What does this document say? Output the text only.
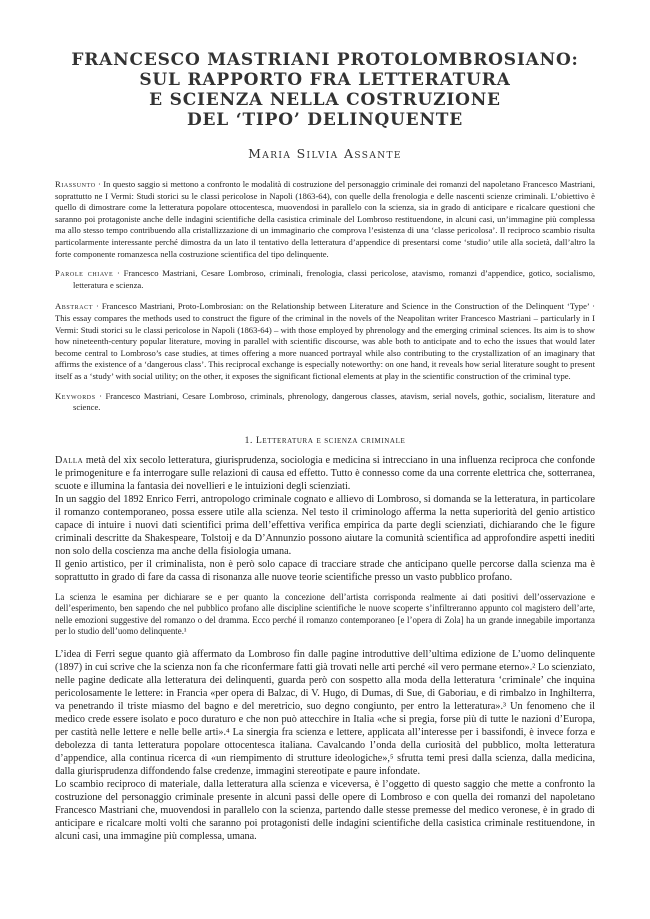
FRANCESCO MASTRIANI PROTOLOMBROSIANO:
SUL RAPPORTO FRA LETTERATURA
E SCIENZA NELLA COSTRUZIONE
DEL ‘TIPO’ DELINQUENTE
Maria Silvia Assante

Riassunto · In questo saggio si mettono a confronto le modalità di costruzione del personaggio criminale dei romanzi del napoletano Francesco Mastriani, soprattutto ne I Vermi: Studi storici su le classi pericolose in Napoli (1863-64), con quelle della frenologia e delle nascenti scienze criminali. L’obiettivo è quello di dimostrare come la letteratura popolare ottocentesca, muovendosi in parallelo con la scienza, sia in grado di anticipare e ricalcare questioni che saranno poi protagoniste anche delle indagini scientifiche della casistica criminale del Lombroso restituendone, in alcuni casi, un’immagine più complessa ma allo stesso tempo contribuendo alla cristallizzazione di un immaginario che comprova l’esistenza di una ‘classe pericolosa’. Il reciproco scambio risulta particolarmente interessante perché dimostra da un lato il tentativo della letteratura d’appendice di presentarsi come ‘studio’ utile alla società, dall’altro la forte componente romanzesca nella costruzione scientifica del tipo delinquente.

Parole chiave · Francesco Mastriani, Cesare Lombroso, criminali, frenologia, classi pericolose, atavismo, romanzi d’appendice, gotico, socialismo, letteratura e scienza.

Abstract · Francesco Mastriani, Proto-Lombrosian: on the Relationship between Literature and Science in the Construction of the Delinquent ‘Type’ · This essay compares the methods used to construct the figure of the criminal in the novels of the Neapolitan writer Francesco Mastriani – particularly in I Vermi: Studi storici su le classi pericolose in Napoli (1863-64) – with those employed by phrenology and the emerging criminal sciences. Its aim is to show how nineteenth-century popular literature, moving in parallel with scientific discourse, was able both to anticipate and to echo the issues that would later become central to Lombroso’s case studies, at times offering a more nuanced portrayal while also contributing to the crystallization of an imaginary that affirms the existence of a ‘dangerous class’. This reciprocal exchange is especially noteworthy: on one hand, it reveals how serial literature sought to present itself as a ‘study’ with social utility; on the other, it exposes the significant fictional elements at play in the scientific construction of the criminal type.

Keywords · Francesco Mastriani, Cesare Lombroso, criminals, phrenology, dangerous classes, atavism, serial novels, gothic, socialism, literature and science.

1. Letteratura e scienza criminale

Dalla metà del xix secolo letteratura, giurisprudenza, sociologia e medicina si intrecciano in una influenza reciproca che confonde le primogeniture e fa interrogare sulle relazioni di causa ed effetto. Tutto è connesso come da una corrente elettrica che, sotterranea, scuote e illumina la fantasia dei novellieri e le intuizioni degli scienziati.

In un saggio del 1892 Enrico Ferri, antropologo criminale cognato e allievo di Lombroso, si domanda se la letteratura, in particolare il romanzo contemporaneo, possa essere utile alla scienza. Nel testo il criminologo afferma la netta superiorità del genio artistico capace di intuire i nuovi dati scientifici prima dell’effettiva verifica empirica da parte degli scienziati, dichiarando che le figure criminali descritte da Shakespeare, Tolstoij e da D’Annunzio possono aiutare la comunità scientifica ad approfondire aspetti inediti non solo della coscienza ma anche della fisiologia umana.

Il genio artistico, per il criminalista, non è però solo capace di tracciare strade che anticipano quelle percorse dalla scienza ma è soprattutto in grado di fare da cassa di risonanza alle nuove teorie scientifiche presso un vasto pubblico profano.

La scienza le esamina per dichiarare se e per quanto la concezione dell’artista corrisponda realmente ai dati positivi dell’osservazione e dell’esperimento, ben sapendo che nel pubblico profano alle discipline scientifiche le nuove scoperte s’infiltreranno appunto col magistero dell’arte, nelle emozioni suggestive del romanzo o del dramma. Ecco perché il romanzo contemporaneo [e l’opera di Zola] ha un grande innegabile importanza per lo studio dell’uomo delinquente.¹

L’idea di Ferri segue quanto già affermato da Lombroso fin dalle pagine introduttive dell’ultima edizione de L’uomo delinquente (1897) in cui scrive che la scienza non fa che riconfermare fatti già trovati nelle arti perché «il vero permane eterno».² Lo scienziato, nelle pagine dedicate alla letteratura dei delinquenti, guarda però con sospetto alla moda della letteratura ‘criminale’ che inquina pericolosamente le lettere: in Francia «per opera di Balzac, di V. Hugo, di Dumas, di Sue, di Gaboriau, e di rimbalzo in Inghilterra, va penetrando il triste miasmo del bagno e del meretricio, suo degno congiunto, per entro la letteratura».³ Un fenomeno che il medico crede essere isolato e poco duraturo e che non può attecchire in Italia «che si pregia, forse più di tutte le nazioni d’Europa, per castità nelle lettere e nelle belle arti».⁴ La sinergia fra scienza e lettere, applicata all’interesse per i bassifondi, è invece forza e debolezza di tanta letteratura popolare ottocentesca italiana. Cavalcando l’onda della curiosità del pubblico, molta letteratura d’appendice, alla continua ricerca di «un riempimento di strutture ideologiche»,⁵ sfrutta temi presi dalla scienza, dalla medicina, dalla giurisprudenza diffondendo false credenze, immagini stereotipate e paure infondate.

Lo scambio reciproco di materiale, dalla letteratura alla scienza e viceversa, è l’oggetto di questo saggio che mette a confronto la costruzione del personaggio criminale presente in alcuni passi delle opere di Lombroso e con quella dei romanzi del napoletano Francesco Mastriani che, muovendosi in parallelo con la scienza, partendo dalle stesse premesse del medico veronese, è in grado di anticipare e ricalcare molti volti che saranno poi protagonisti delle indagini scientifiche della casistica criminale restituendone, in alcuni casi, una immagine più complessa, umana.
